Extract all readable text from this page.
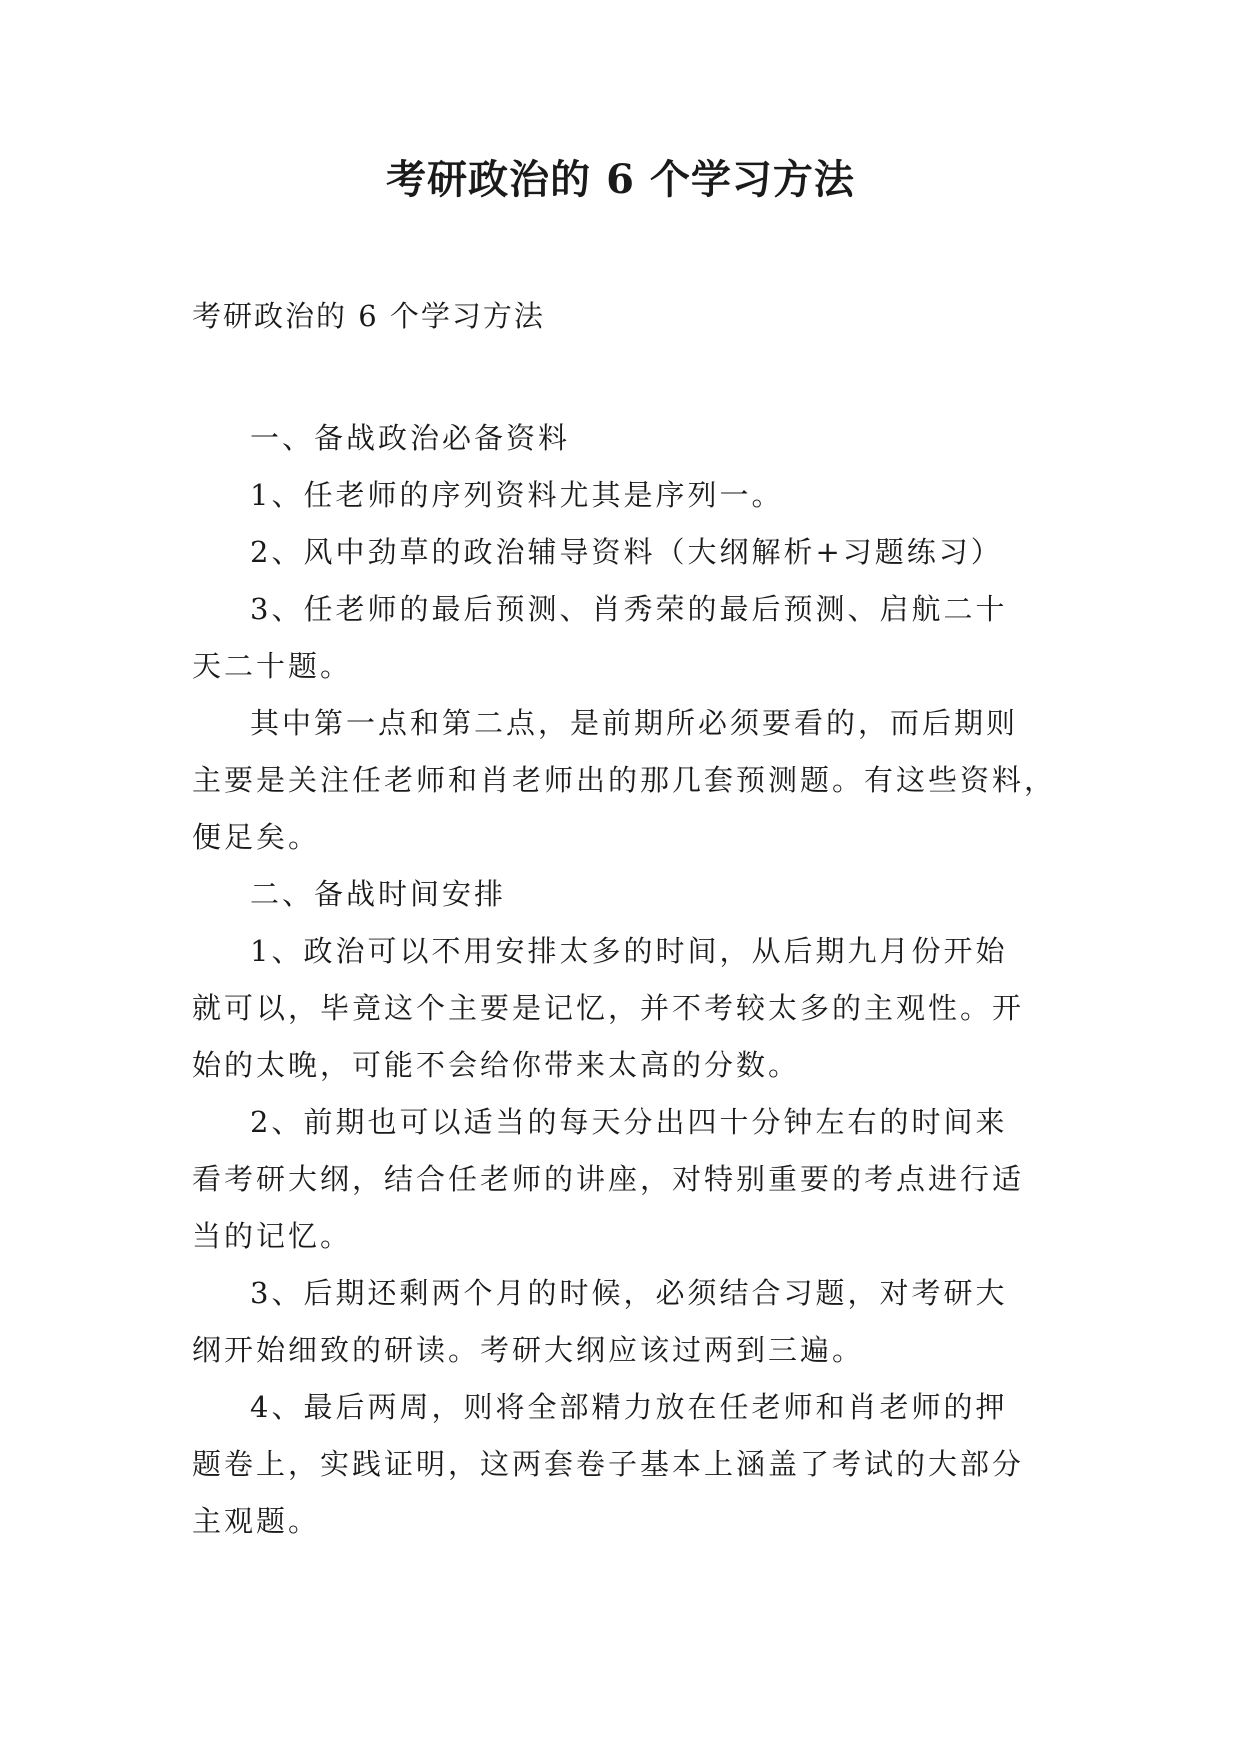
考研政治的 6 个学习方法

考研政治的 6 个学习方法

一、备战政治必备资料

1、任老师的序列资料尤其是序列一。

2、风中劲草的政治辅导资料（大纲解析+习题练习）

3、任老师的最后预测、肖秀荣的最后预测、启航二十
天二十题。

其中第一点和第二点，是前期所必须要看的，而后期则
主要是关注任老师和肖老师出的那几套预测题。有这些资料，
便足矣。

二、备战时间安排

1、政治可以不用安排太多的时间，从后期九月份开始
就可以，毕竟这个主要是记忆，并不考较太多的主观性。开
始的太晚，可能不会给你带来太高的分数。

2、前期也可以适当的每天分出四十分钟左右的时间来
看考研大纲，结合任老师的讲座，对特别重要的考点进行适
当的记忆。

3、后期还剩两个月的时候，必须结合习题，对考研大
纲开始细致的研读。考研大纲应该过两到三遍。

4、最后两周，则将全部精力放在任老师和肖老师的押
题卷上，实践证明，这两套卷子基本上涵盖了考试的大部分
主观题。
